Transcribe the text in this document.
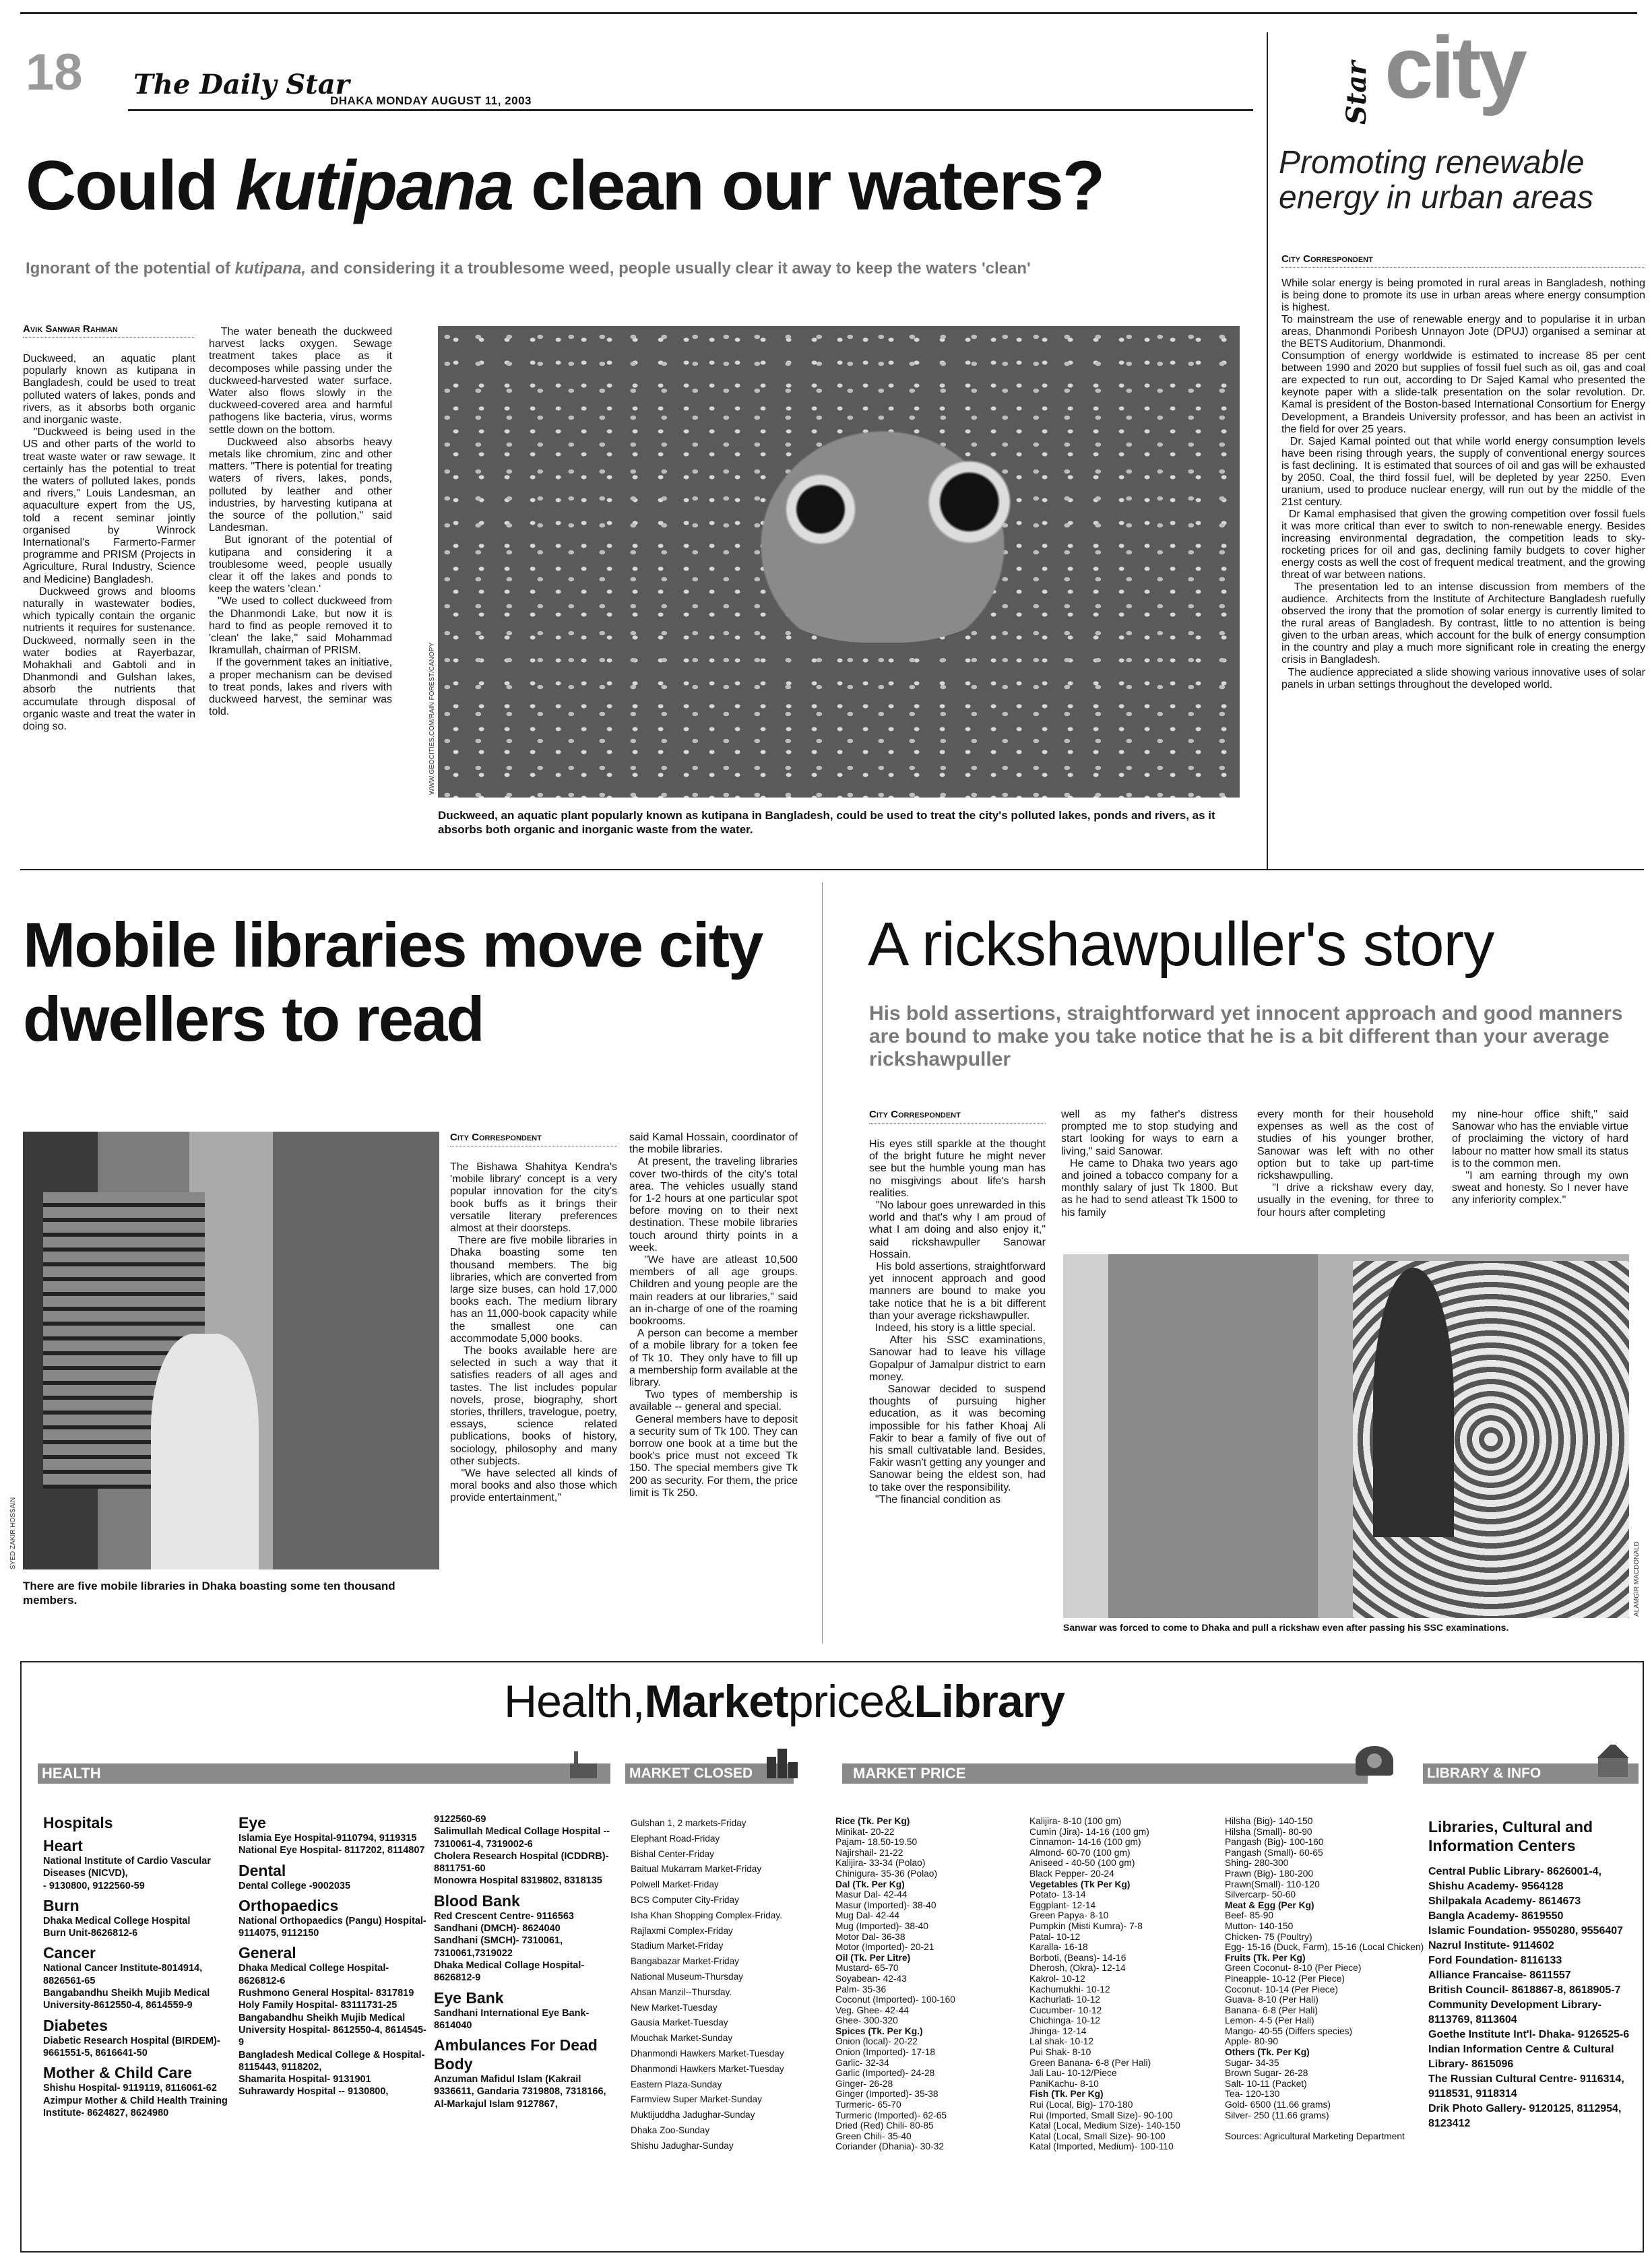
18 The Daily Star
DHAKA MONDAY AUGUST 11, 2003	Star city
Could kutipana clean our waters?
Ignorant of the potential of kutipana, and considering it a troublesome weed, people usually clear it away to keep the waters 'clean'
Avik Sanwar Rahman
Duckweed, an aquatic plant popularly known as kutipana in Bangladesh, could be used to treat polluted waters of lakes, ponds and rivers, as it absorbs both organic and inorganic waste.
"Duckweed is being used in the US and other parts of the world to treat waste water or raw sewage. It certainly has the potential to treat the waters of polluted lakes, ponds and rivers," Louis Landesman, an aquaculture expert from the US, told a recent seminar jointly organised by Winrock International's Farmerto-Farmer programme and PRISM (Projects in Agriculture, Rural Industry, Science and Medicine) Bangladesh.
Duckweed grows and blooms naturally in wastewater bodies, which typically contain the organic nutrients it requires for sustenance. Duckweed, normally seen in the water bodies at Rayerbazar, Mohakhali and Gabtoli and in Dhanmondi and Gulshan lakes, absorb the nutrients that accumulate through disposal of organic waste and treat the water in doing so.
The water beneath the duckweed harvest lacks oxygen. Sewage treatment takes place as it decomposes while passing under the duckweed-harvested water surface. Water also flows slowly in the duckweed-covered area and harmful pathogens like bacteria, virus, worms settle down on the bottom.
Duckweed also absorbs heavy metals like chromium, zinc and other matters. "There is potential for treating waters of rivers, lakes, ponds, polluted by leather and other industries, by harvesting kutipana at the source of the pollution," said Landesman.
But ignorant of the potential of kutipana and considering it a troublesome weed, people usually clear it off the lakes and ponds to keep the waters 'clean.'
"We used to collect duckweed from the Dhanmondi Lake, but now it is hard to find as people removed it to 'clean' the lake," said Mohammad Ikramullah, chairman of PRISM.
If the government takes an initiative, a proper mechanism can be devised to treat ponds, lakes and rivers with duckweed harvest, the seminar was told.	WWW.GEOCITIES.COM/RAIN FOREST/CANOPY
Duckweed, an aquatic plant popularly known as kutipana in Bangladesh, could be used to treat the city's polluted lakes, ponds and rivers, as it absorbs both organic and inorganic waste from the water.
Promoting renewable energy in urban areas
City Correspondent
While solar energy is being promoted in rural areas in Bangladesh, nothing is being done to promote its use in urban areas where energy consumption is highest.
To mainstream the use of renewable energy and to popularise it in urban areas, Dhanmondi Poribesh Unnayon Jote (DPUJ) organised a seminar at the BETS Auditorium, Dhanmondi.
Consumption of energy worldwide is estimated to increase 85 per cent between 1990 and 2020 but supplies of fossil fuel such as oil, gas and coal are expected to run out, according to Dr Sajed Kamal who presented the keynote paper with a slide-talk presentation on the solar revolution. Dr. Kamal is president of the Boston-based International Consortium for Energy Development, a Brandeis University professor, and has been an activist in the field for over 25 years.
Dr. Sajed Kamal pointed out that while world energy consumption levels have been rising through years, the supply of conventional energy sources is fast declining.  It is estimated that sources of oil and gas will be exhausted by 2050. Coal, the third fossil fuel, will be depleted by year 2250.  Even uranium, used to produce nuclear energy, will run out by the middle of the 21st century.
Dr Kamal emphasised that given the growing competition over fossil fuels it was more critical than ever to switch to non-renewable energy. Besides increasing environmental degradation, the competition leads to sky-rocketing prices for oil and gas, declining family budgets to cover higher energy costs as well the cost of frequent medical treatment, and the growing threat of war between nations.
The presentation led to an intense discussion from members of the audience.  Architects from the Institute of Architecture Bangladesh ruefully observed the irony that the promotion of solar energy is currently limited to the rural areas of Bangladesh. By contrast, little to no attention is being given to the urban areas, which account for the bulk of energy consumption in the country and play a much more significant role in creating the energy crisis in Bangladesh.
The audience appreciated a slide showing various innovative uses of solar panels in urban settings throughout the developed world.
Mobile libraries move city dwellers to read
SYED ZAKIR HOSSAIN
There are five mobile libraries in Dhaka boasting some ten thousand members.
City Correspondent
The Bishawa Shahitya Kendra's 'mobile library' concept is a very popular innovation for the city's book buffs as it brings their versatile literary preferences almost at their doorsteps.
There are five mobile libraries in Dhaka boasting some ten thousand members. The big libraries, which are converted from large size buses, can hold 17,000 books each. The medium library has an 11,000-book capacity while the smallest one can accommodate 5,000 books.
The books available here are selected in such a way that it satisfies readers of all ages and tastes. The list includes popular novels, prose, biography, short stories, thrillers, travelogue, poetry, essays, science related publications, books of history, sociology, philosophy and many other subjects.
"We have selected all kinds of moral books and also those which provide entertainment,"
said Kamal Hossain, coordinator of the mobile libraries.
At present, the traveling libraries cover two-thirds of the city's total area. The vehicles usually stand for 1-2 hours at one particular spot before moving on to their next destination. These mobile libraries touch around thirty points in a week.
"We have are atleast 10,500 members of all age groups. Children and young people are the main readers at our libraries," said an in-charge of one of the roaming bookrooms.
A person can become a member of a mobile library for a token fee of Tk 10.  They only have to fill up a membership form available at the library.
Two types of membership is available -- general and special.
General members have to deposit a security sum of Tk 100. They can borrow one book at a time but the book's price must not exceed Tk 150. The special members give Tk 200 as security. For them, the price limit is Tk 250.
A rickshawpuller's story
His bold assertions, straightforward yet innocent approach and good manners are bound to make you take notice that he is a bit different than your average rickshawpuller
City Correspondent
His eyes still sparkle at the thought of the bright future he might never see but the humble young man has no misgivings about life's harsh realities.
"No labour goes unrewarded in this world and that's why I am proud of what I am doing and also enjoy it," said rickshawpuller Sanowar Hossain.
His bold assertions, straightforward yet innocent approach and good manners are bound to make you take notice that he is a bit different than your average rickshawpuller.
Indeed, his story is a little special.
After his SSC examinations, Sanowar had to leave his village Gopalpur of Jamalpur district to earn money.
Sanowar decided to suspend thoughts of pursuing higher education, as it was becoming impossible for his father Khoaj Ali Fakir to bear a family of five out of his small cultivatable land. Besides, Fakir wasn't getting any younger and Sanowar being the eldest son, had to take over the responsibility.
"The financial condition as
well as my father's distress prompted me to stop studying and start looking for ways to earn a living," said Sanowar.
He came to Dhaka two years ago and joined a tobacco company for a monthly salary of just Tk 1800. But as he had to send atleast Tk 1500 to his family
every month for their household expenses as well as the cost of studies of his younger brother, Sanowar was left with no other option but to take up part-time rickshawpulling.
"I drive a rickshaw every day, usually in the evening, for three to four hours after completing
my nine-hour office shift," said Sanowar who has the enviable virtue of proclaiming the victory of hard labour no matter how small its status is to the common men.
"I am earning through my own sweat and honesty. So I never have any inferiority complex."
ALAMGIR MACDONALD
Sanwar was forced to come to Dhaka and pull a rickshaw even after passing his SSC examinations.
Health,Marketprice&Library
HEALTH	MARKET CLOSED	MARKET PRICE	LIBRARY & INFO
Hospitals
Heart
National Institute of Cardio Vascular Diseases (NICVD),
- 9130800, 9122560-59
Burn
Dhaka Medical College Hospital
Burn Unit-8626812-6
Cancer
National Cancer Institute-8014914, 8826561-65
Bangabandhu Sheikh Mujib Medical University-8612550-4, 8614559-9
Diabetes
Diabetic Research Hospital (BIRDEM)- 9661551-5, 8616641-50
Mother & Child Care
Shishu Hospital- 9119119, 8116061-62
Azimpur Mother & Child Health Training Institute- 8624827, 8624980
Eye
Islamia Eye Hospital-9110794, 9119315
National Eye Hospital- 8117202, 8114807
Dental
Dental College -9002035
Orthopaedics
National Orthopaedics (Pangu) Hospital- 9114075, 9112150
General
Dhaka Medical College Hospital- 8626812-6
Rushmono General Hospital- 8317819
Holy Family Hospital- 83111731-25
Bangabandhu Sheikh Mujib Medical University Hospital- 8612550-4, 8614545-9
Bangladesh Medical College & Hospital- 8115443, 9118202,
Shamarita Hospital- 9131901
Suhrawardy Hospital -- 9130800,
9122560-69
Salimullah Medical Collage Hospital -- 7310061-4, 7319002-6
Cholera Research Hospital (ICDDRB)- 8811751-60
Monowra Hospital 8319802, 8318135
Blood Bank
Red Crescent Centre- 9116563
Sandhani (DMCH)- 8624040
Sandhani (SMCH)- 7310061, 7310061,7319022
Dhaka Medical Collage Hospital- 8626812-9
Eye Bank
Sandhani International Eye Bank- 8614040
Ambulances For Dead Body
Anzuman Mafidul Islam (Kakrail 9336611, Gandaria 7319808, 7318166,
Al-Markajul Islam 9127867,
Gulshan 1, 2 markets-Friday
Elephant Road-Friday
Bishal Center-Friday
Baitual Mukarram Market-Friday
Polwell Market-Friday
BCS Computer City-Friday
Isha Khan Shopping Complex-Friday.
Rajlaxmi Complex-Friday
Stadium Market-Friday
Bangabazar Market-Friday
National Museum-Thursday
Ahsan Manzil--Thursday.
New Market-Tuesday
Gausia Market-Tuesday
Mouchak Market-Sunday
Dhanmondi Hawkers Market-Tuesday
Dhanmondi Hawkers Market-Tuesday
Eastern Plaza-Sunday
Farmview Super Market-Sunday
Muktijuddha Jadughar-Sunday
Dhaka Zoo-Sunday
Shishu Jadughar-Sunday
Rice (Tk. Per Kg)
Minikat- 20-22
Pajam- 18.50-19.50
Najirshail- 21-22
Kalijira- 33-34 (Polao)
Chinigura- 35-36 (Polao)
Dal (Tk. Per Kg)
Masur Dal- 42-44
Masur (Imported)- 38-40
Mug Dal- 42-44
Mug (Imported)- 38-40
Motor Dal- 36-38
Motor (Imported)- 20-21
Oil (Tk. Per Litre)
Mustard- 65-70
Soyabean- 42-43
Palm- 35-36
Coconut (Imported)- 100-160
Veg. Ghee- 42-44
Ghee- 300-320
Spices (Tk. Per Kg.)
Onion (local)- 20-22
Onion (Imported)- 17-18
Garlic- 32-34
Garlic (Imported)- 24-28
Ginger- 26-28
Ginger (Imported)- 35-38
Turmeric- 65-70
Turmeric (Imported)- 62-65
Dried (Red) Chili- 80-85
Green Chili- 35-40
Coriander (Dhania)- 30-32
Kalijira- 8-10 (100 gm)
Cumin (Jira)- 14-16 (100 gm)
Cinnamon- 14-16 (100 gm)
Almond- 60-70 (100 gm)
Aniseed - 40-50 (100 gm)
Black Pepper- 20-24
Vegetables (Tk Per Kg)
Potato- 13-14
Eggplant- 12-14
Green Papya- 8-10
Pumpkin (Misti Kumra)- 7-8
Patal- 10-12
Karalla- 16-18
Borboti, (Beans)- 14-16
Dherosh, (Okra)- 12-14
Kakrol- 10-12
Kachumukhi- 10-12
Kachurlati- 10-12
Cucumber- 10-12
Chichinga- 10-12
Jhinga- 12-14
Lal shak- 10-12
Pui Shak- 8-10
Green Banana- 6-8 (Per Hali)
Jali Lau- 10-12/Piece
PaniKachu- 8-10
Fish (Tk. Per Kg)
Rui (Local, Big)- 170-180
Rui (Imported, Small Size)- 90-100
Katal (Local, Medium Size)- 140-150
Katal (Local, Small Size)- 90-100
Katal (Imported, Medium)- 100-110
Hilsha (Big)- 140-150
Hilsha (Small)- 80-90
Pangash (Big)- 100-160
Pangash (Small)- 60-65
Shing- 280-300
Prawn (Big)- 180-200
Prawn(Small)- 110-120
Silvercarp- 50-60
Meat & Egg (Per Kg)
Beef- 85-90
Mutton- 140-150
Chicken- 75 (Poultry)
Egg- 15-16 (Duck, Farm), 15-16 (Local Chicken)
Fruits (Tk. Per Kg)
Green Coconut- 8-10 (Per Piece)
Pineapple- 10-12 (Per Piece)
Coconut- 10-14 (Per Piece)
Guava- 8-10 (Per Hali)
Banana- 6-8 (Per Hali)
Lemon- 4-5 (Per Hali)
Mango- 40-55 (Differs species)
Apple- 80-90
Others (Tk. Per Kg)
Sugar- 34-35
Brown Sugar- 26-28
Salt- 10-11 (Packet)
Tea- 120-130
Gold- 6500 (11.66 grams)
Silver- 250 (11.66 grams)
Sources: Agricultural Marketing Department
Libraries, Cultural and Information Centers
Central Public Library- 8626001-4, Shishu Academy- 9564128
Shilpakala Academy- 8614673
Bangla Academy- 8619550
Islamic Foundation- 9550280, 9556407
Nazrul Institute- 9114602
Ford Foundation- 8116133
Alliance Francaise- 8611557
British Council- 8618867-8, 8618905-7
Community Development Library- 8113769, 8113604
Goethe Institute Int'l- Dhaka- 9126525-6
Indian Information Centre & Cultural Library- 8615096
The Russian Cultural Centre- 9116314, 9118531, 9118314
Drik Photo Gallery- 9120125, 8112954, 8123412
